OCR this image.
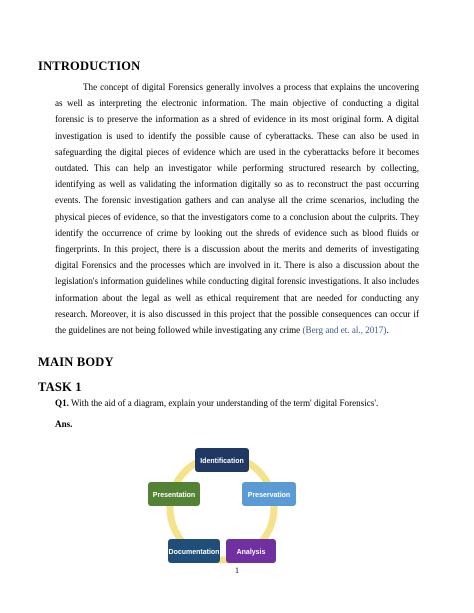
INTRODUCTION
The concept of digital Forensics generally involves a process that explains the uncovering as well as interpreting the electronic information. The main objective of conducting a digital forensic is to preserve the information as a shred of evidence in its most original form. A digital investigation is used to identify the possible cause of cyberattacks. These can also be used in safeguarding the digital pieces of evidence which are used in the cyberattacks before it becomes outdated. This can help an investigator while performing structured research by collecting, identifying as well as validating the information digitally so as to reconstruct the past occurring events. The forensic investigation gathers and can analyse all the crime scenarios, including the physical pieces of evidence, so that the investigators come to a conclusion about the culprits. They identify the occurrence of crime by looking out the shreds of evidence such as blood fluids or fingerprints. In this project, there is a discussion about the merits and demerits of investigating digital Forensics and the processes which are involved in it. There is also a discussion about the legislation's information guidelines while conducting digital forensic investigations. It also includes information about the legal as well as ethical requirement that are needed for conducting any research. Moreover, it is also discussed in this project that the possible consequences can occur if the guidelines are not being followed while investigating any crime (Berg and et. al., 2017).
MAIN BODY
TASK 1
Q1. With the aid of a diagram, explain your understanding of the term' digital Forensics'.
Ans.
Identification
Preservation
Analysis
Documentation
Presentation
1
